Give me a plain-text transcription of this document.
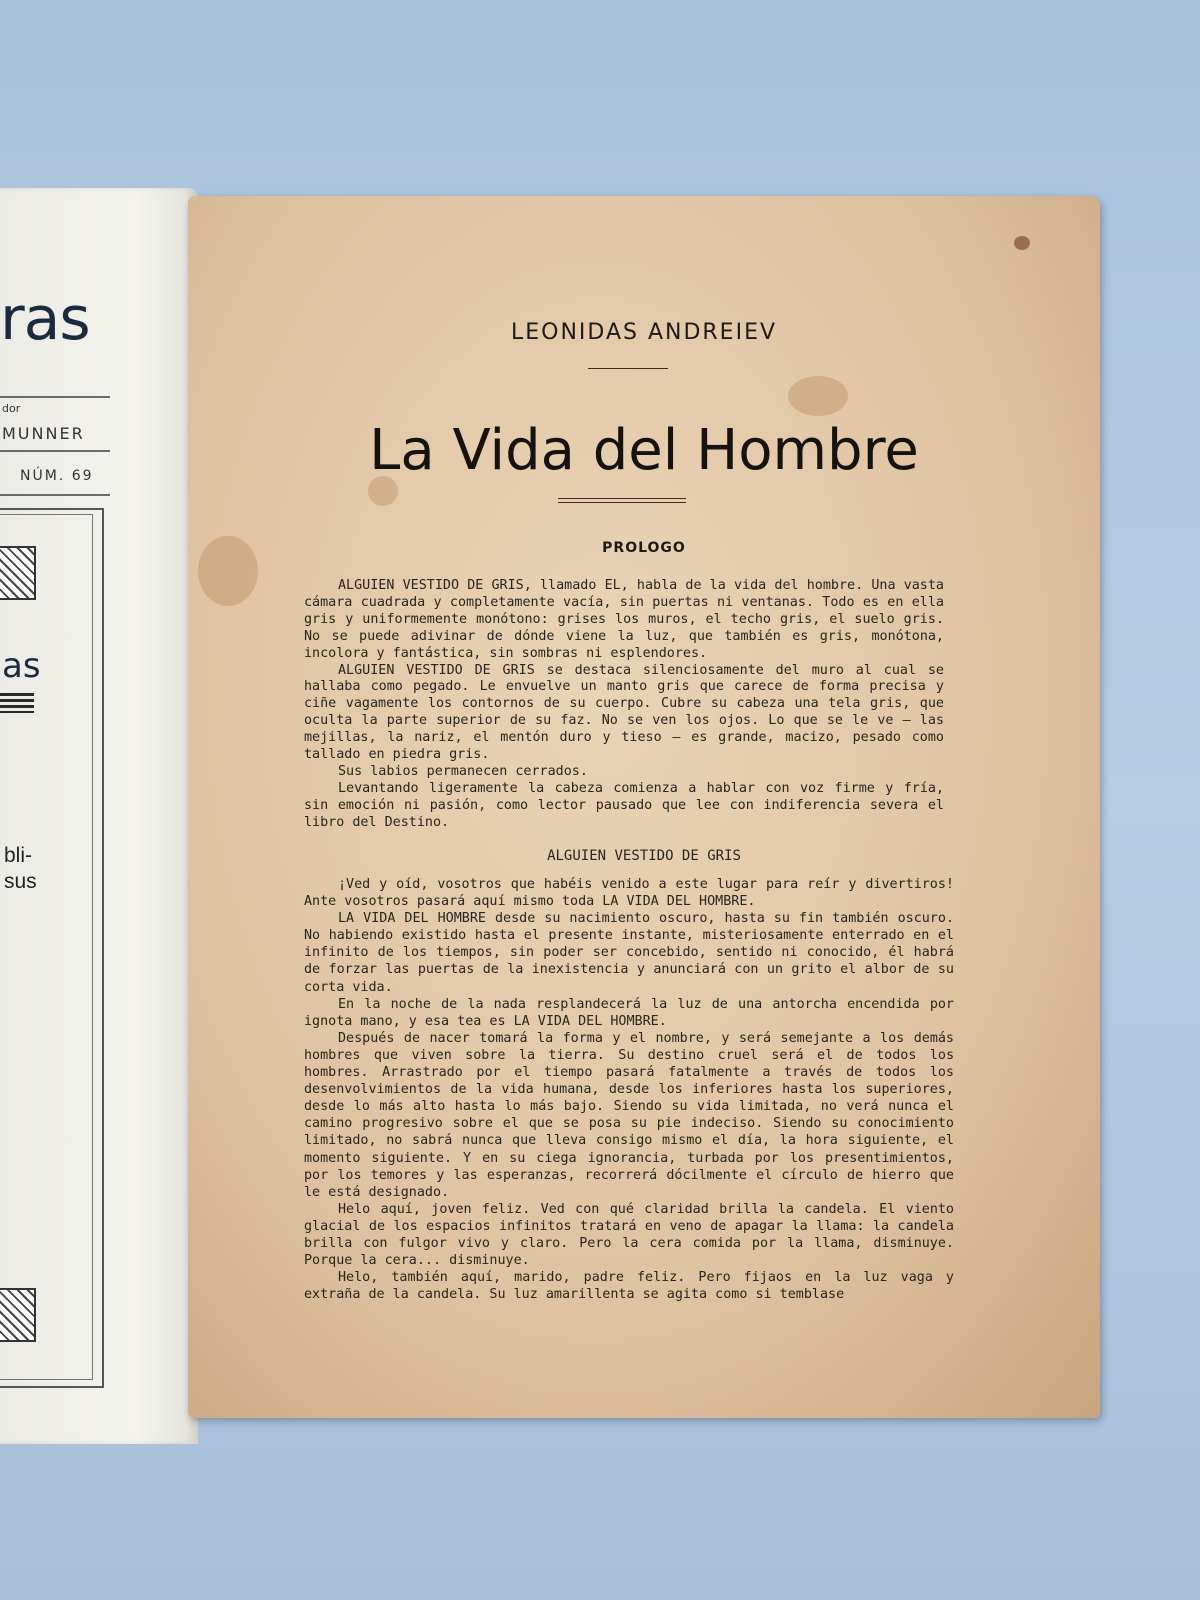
ras
dor
MUNNER
NÚM. 69
as
bli-
sus
LEONIDAS ANDREIEV
La Vida del Hombre
PROLOGO

ALGUIEN VESTIDO DE GRIS, llamado EL, habla de la vida del hombre. Una vasta cámara cuadrada y completamente vacía, sin puertas ni ventanas. Todo es en ella gris y uniformemente monótono: grises los muros, el techo gris, el suelo gris. No se puede adivinar de dónde viene la luz, que también es gris, monótona, incolora y fantástica, sin sombras ni esplendores.

ALGUIEN VESTIDO DE GRIS se destaca silenciosamente del muro al cual se hallaba como pegado. Le envuelve un manto gris que carece de forma precisa y ciñe vagamente los contornos de su cuerpo. Cubre su cabeza una tela gris, que oculta la parte superior de su faz. No se ven los ojos. Lo que se le ve — las mejillas, la nariz, el mentón duro y tieso — es grande, macizo, pesado como tallado en piedra gris.

Sus labios permanecen cerrados.

Levantando ligeramente la cabeza comienza a hablar con voz firme y fría, sin emoción ni pasión, como lector pausado que lee con indiferencia severa el libro del Destino.

ALGUIEN VESTIDO DE GRIS

¡Ved y oíd, vosotros que habéis venido a este lugar para reír y divertiros! Ante vosotros pasará aquí mismo toda LA VIDA DEL HOMBRE.

LA VIDA DEL HOMBRE desde su nacimiento oscuro, hasta su fin también oscuro. No habiendo existido hasta el presente instante, misteriosamente enterrado en el infinito de los tiempos, sin poder ser concebido, sentido ni conocido, él habrá de forzar las puertas de la inexistencia y anunciará con un grito el albor de su corta vida.

En la noche de la nada resplandecerá la luz de una antorcha encendida por ignota mano, y esa tea es LA VIDA DEL HOMBRE.

Después de nacer tomará la forma y el nombre, y será semejante a los demás hombres que viven sobre la tierra. Su destino cruel será el de todos los hombres. Arrastrado por el tiempo pasará fatalmente a través de todos los desenvolvimientos de la vida humana, desde los inferiores hasta los superiores, desde lo más alto hasta lo más bajo. Siendo su vida limitada, no verá nunca el camino progresivo sobre el que se posa su pie indeciso. Siendo su conocimiento limitado, no sabrá nunca que lleva consigo mismo el día, la hora siguiente, el momento siguiente. Y en su ciega ignorancia, turbada por los presentimientos, por los temores y las esperanzas, recorrerá dócilmente el círculo de hierro que le está designado.

Helo aquí, joven feliz. Ved con qué claridad brilla la candela. El viento glacial de los espacios infinitos tratará en veno de apagar la llama: la candela brilla con fulgor vivo y claro. Pero la cera comida por la llama, disminuye. Porque la cera... disminuye.

Helo, también aquí, marido, padre feliz. Pero fijaos en la luz vaga y extraña de la candela. Su luz amarillenta se agita como si temblase
